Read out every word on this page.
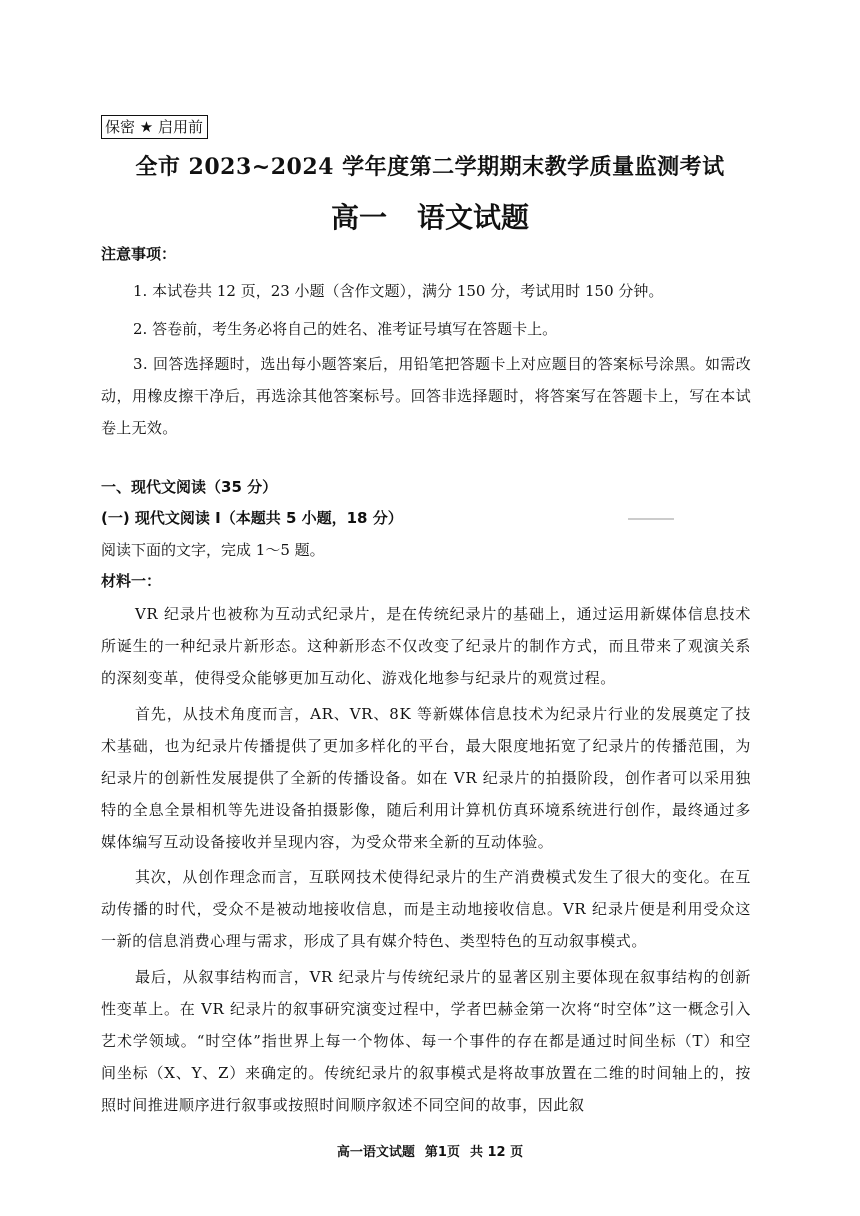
保密 ★ 启用前
全市 2023~2024 学年度第二学期期末教学质量监测考试
高一 语文试题
注意事项：
1. 本试卷共 12 页，23 小题（含作文题），满分 150 分，考试用时 150 分钟。
2. 答卷前，考生务必将自己的姓名、准考证号填写在答题卡上。
3. 回答选择题时，选出每小题答案后，用铅笔把答题卡上对应题目的答案标号涂黑。如需改动，用橡皮擦干净后，再选涂其他答案标号。回答非选择题时，将答案写在答题卡上，写在本试卷上无效。
一、现代文阅读（35 分）
(一) 现代文阅读 I（本题共 5 小题，18 分）
阅读下面的文字，完成 1～5 题。
材料一：
VR 纪录片也被称为互动式纪录片，是在传统纪录片的基础上，通过运用新媒体信息技术所诞生的一种纪录片新形态。这种新形态不仅改变了纪录片的制作方式，而且带来了观演关系的深刻变革，使得受众能够更加互动化、游戏化地参与纪录片的观赏过程。
首先，从技术角度而言，AR、VR、8K 等新媒体信息技术为纪录片行业的发展奠定了技术基础，也为纪录片传播提供了更加多样化的平台，最大限度地拓宽了纪录片的传播范围，为纪录片的创新性发展提供了全新的传播设备。如在 VR 纪录片的拍摄阶段，创作者可以采用独特的全息全景相机等先进设备拍摄影像，随后利用计算机仿真环境系统进行创作，最终通过多媒体编写互动设备接收并呈现内容，为受众带来全新的互动体验。
其次，从创作理念而言，互联网技术使得纪录片的生产消费模式发生了很大的变化。在互动传播的时代，受众不是被动地接收信息，而是主动地接收信息。VR 纪录片便是利用受众这一新的信息消费心理与需求，形成了具有媒介特色、类型特色的互动叙事模式。
最后，从叙事结构而言，VR 纪录片与传统纪录片的显著区别主要体现在叙事结构的创新性变革上。在 VR 纪录片的叙事研究演变过程中，学者巴赫金第一次将“时空体”这一概念引入艺术学领域。“时空体”指世界上每一个物体、每一个事件的存在都是通过时间坐标（T）和空间坐标（X、Y、Z）来确定的。传统纪录片的叙事模式是将故事放置在二维的时间轴上的，按照时间推进顺序进行叙事或按照时间顺序叙述不同空间的故事，因此叙
高一语文试题 第1页 共 12 页
